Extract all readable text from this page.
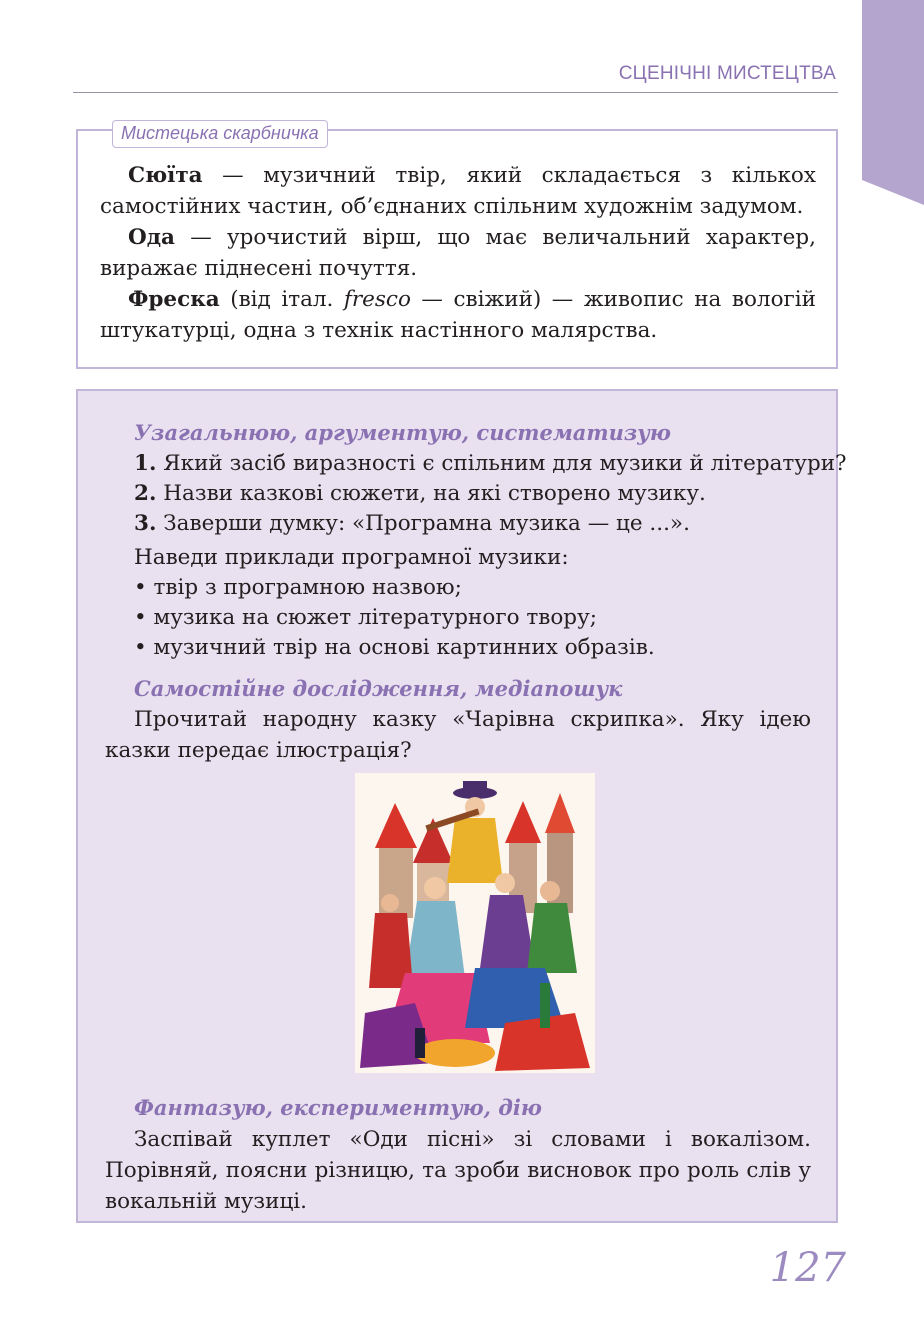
СЦЕНІЧНІ МИСТЕЦТВА
Мистецька скарбничка

Сюїта — музичний твір, який складається з кількох самостійних частин, об’єднаних спільним художнім задумом.

Ода — урочистий вірш, що має величальний характер, виражає піднесені почуття.

Фреска (від італ. fresco — свіжий) — живопис на вологій штукатурці, одна з технік настінного малярства.

Узагальнюю, аргументую, систематизую
1. Який засіб виразності є спільним для музики й літератури?
2. Назви казкові сюжети, на які створено музику.
3. Заверши думку: «Програмна музика — це ...».
Наведи приклади програмної музики:
• твір з програмною назвою;
• музика на сюжет літературного твору;
• музичний твір на основі картинних образів.
Самостійне дослідження, медіапошук
Прочитай народну казку «Чарівна скрипка». Яку ідею казки передає ілюстрація?
Фантазую, експериментую, дію
Заспівай куплет «Оди пісні» зі словами і вокалізом. Порівняй, поясни різницю, та зроби висновок про роль слів у вокальній музиці.
127
